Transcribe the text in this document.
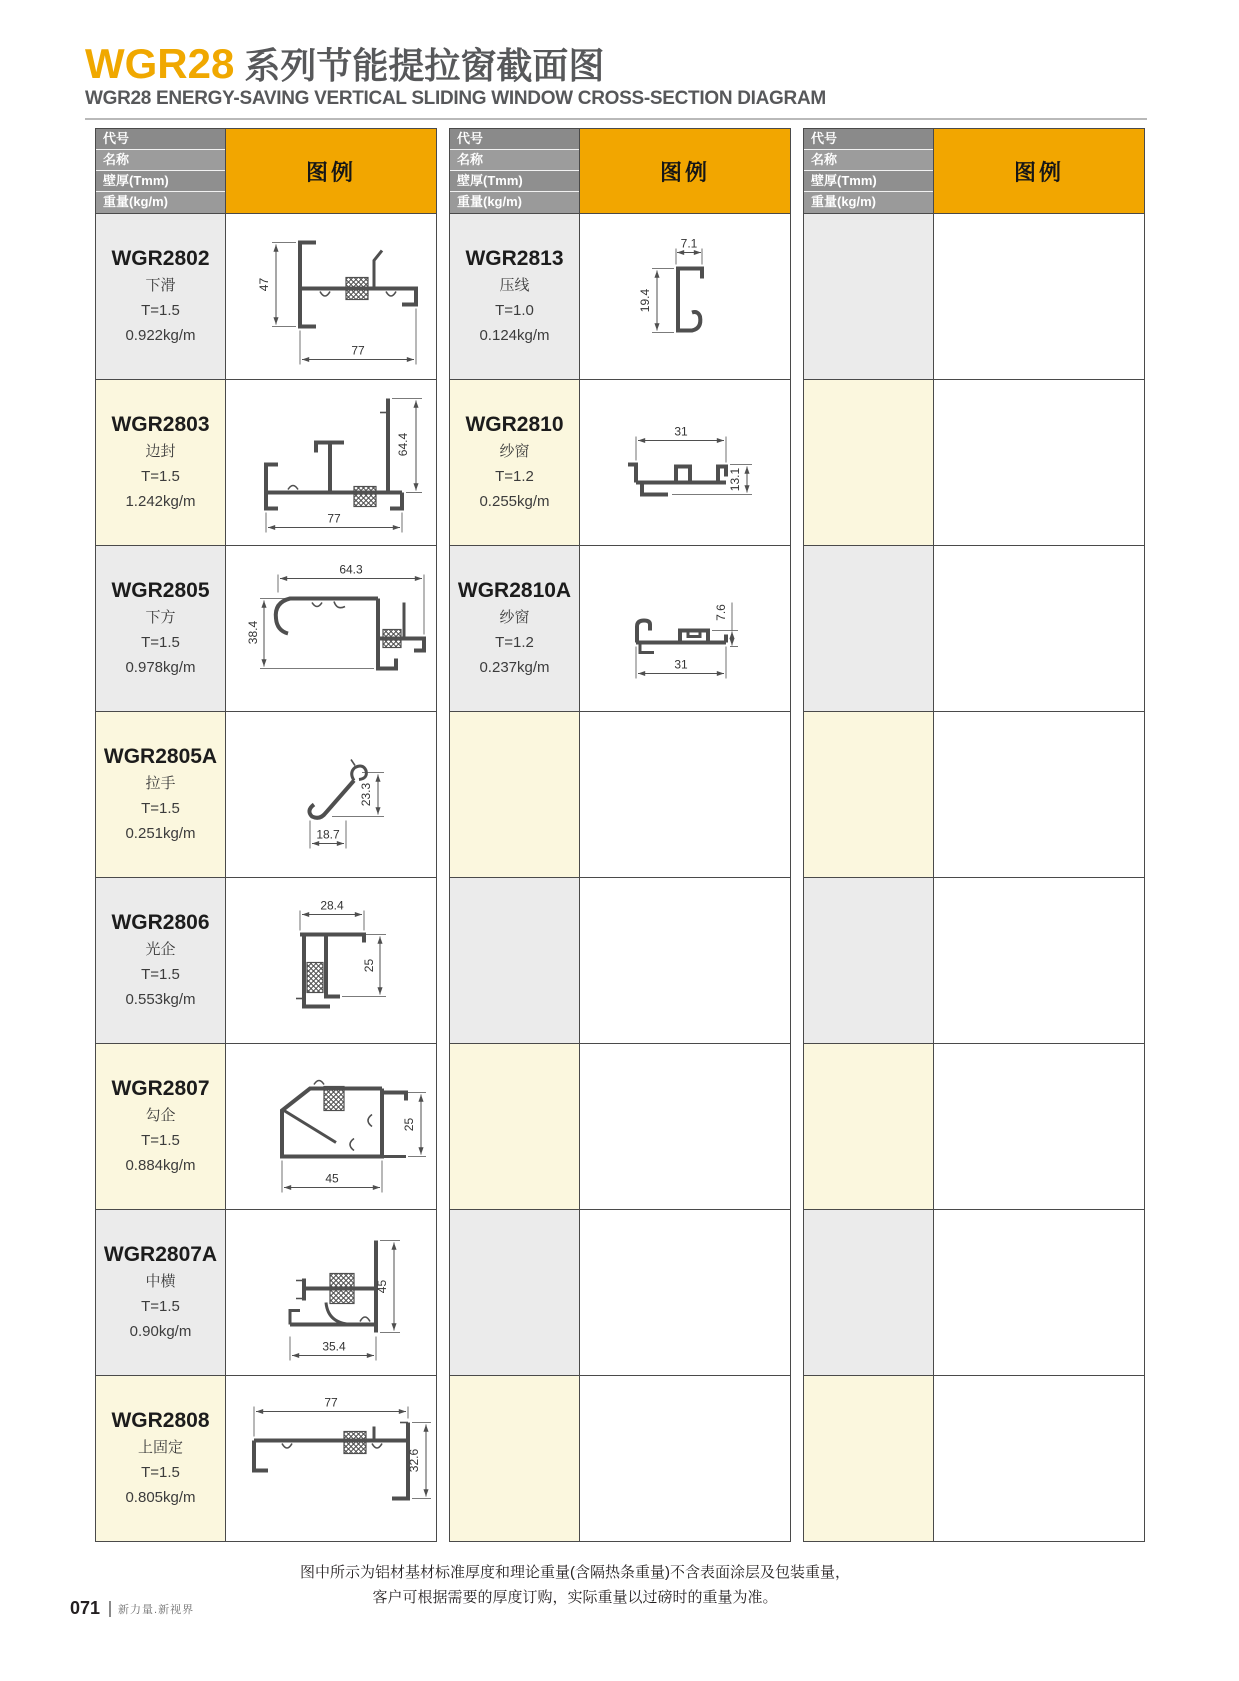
WGR28 系列节能提拉窗截面图
WGR28 ENERGY-SAVING VERTICAL SLIDING WINDOW CROSS-SECTION DIAGRAM
代号
名称
壁厚(Tmm)
重量(kg/m)
图例
WGR2802
下滑
T=1.5
0.922kg/m
47
77
WGR2803
边封
T=1.5
1.242kg/m
64.4
77
WGR2805
下方
T=1.5
0.978kg/m
64.3
38.4
WGR2805A
拉手
T=1.5
0.251kg/m
23.3
18.7
WGR2806
光企
T=1.5
0.553kg/m
28.4
25
WGR2807
勾企
T=1.5
0.884kg/m
25
45
WGR2807A
中横
T=1.5
0.90kg/m
45
35.4
WGR2808
上固定
T=1.5
0.805kg/m
77
32.6
代号
名称
壁厚(Tmm)
重量(kg/m)
图例
WGR2813
压线
T=1.0
0.124kg/m
7.1
19.4
WGR2810
纱窗
T=1.2
0.255kg/m
31
13.1
WGR2810A
纱窗
T=1.2
0.237kg/m
7.6
31
代号
名称
壁厚(Tmm)
重量(kg/m)
图例
图中所示为铝材基材标准厚度和理论重量(含隔热条重量)不含表面涂层及包装重量，
客户可根据需要的厚度订购，实际重量以过磅时的重量为准。
071 新力量.新视界
